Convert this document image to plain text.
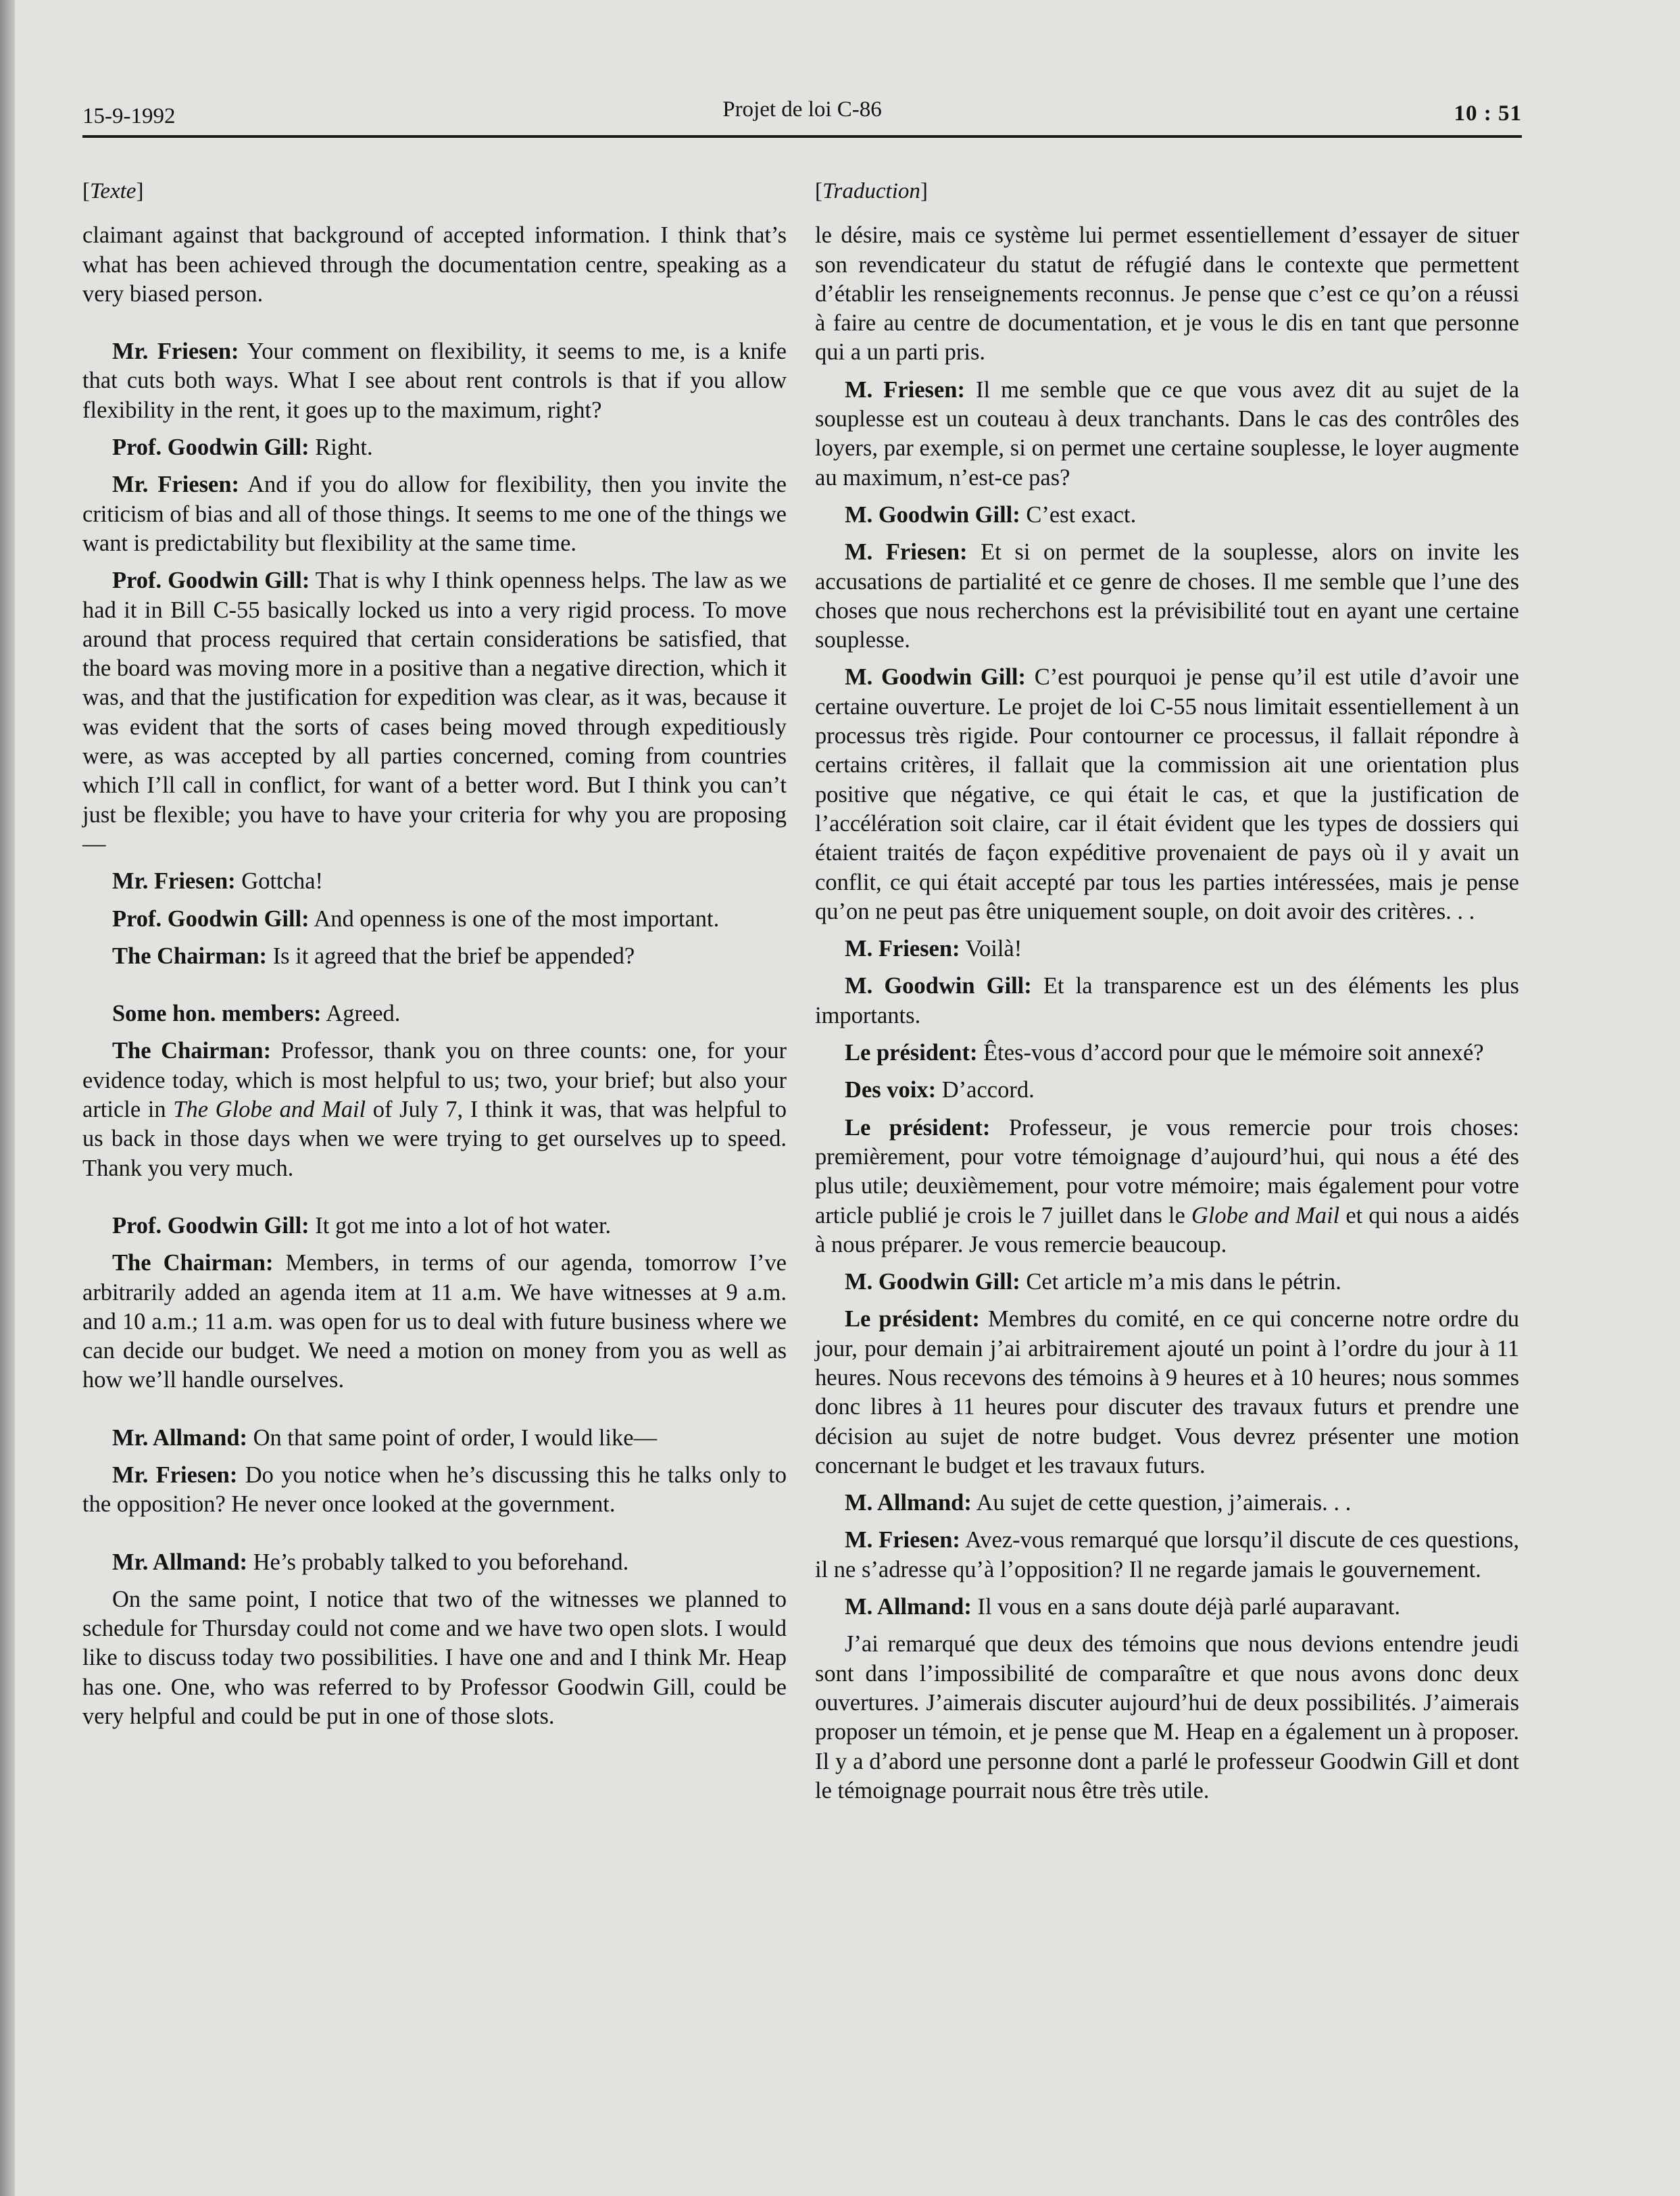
15-9-1992	Projet de loi C-86	10 : 51
[Texte]

claimant against that background of accepted information. I think that’s what has been achieved through the documentation centre, speaking as a very biased person.

Mr. Friesen: Your comment on flexibility, it seems to me, is a knife that cuts both ways. What I see about rent controls is that if you allow flexibility in the rent, it goes up to the maximum, right?

Prof. Goodwin Gill: Right.

Mr. Friesen: And if you do allow for flexibility, then you invite the criticism of bias and all of those things. It seems to me one of the things we want is predictability but flexibility at the same time.

Prof. Goodwin Gill: That is why I think openness helps. The law as we had it in Bill C-55 basically locked us into a very rigid process. To move around that process required that certain considerations be satisfied, that the board was moving more in a positive than a negative direction, which it was, and that the justification for expedition was clear, as it was, because it was evident that the sorts of cases being moved through expeditiously were, as was accepted by all parties concerned, coming from countries which I’ll call in conflict, for want of a better word. But I think you can’t just be flexible; you have to have your criteria for why you are proposing—

Mr. Friesen: Gottcha!

Prof. Goodwin Gill: And openness is one of the most important.

The Chairman: Is it agreed that the brief be appended?

Some hon. members: Agreed.

The Chairman: Professor, thank you on three counts: one, for your evidence today, which is most helpful to us; two, your brief; but also your article in The Globe and Mail of July 7, I think it was, that was helpful to us back in those days when we were trying to get ourselves up to speed. Thank you very much.

Prof. Goodwin Gill: It got me into a lot of hot water.

The Chairman: Members, in terms of our agenda, tomorrow I’ve arbitrarily added an agenda item at 11 a.m. We have witnesses at 9 a.m. and 10 a.m.; 11 a.m. was open for us to deal with future business where we can decide our budget. We need a motion on money from you as well as how we’ll handle ourselves.

Mr. Allmand: On that same point of order, I would like—

Mr. Friesen: Do you notice when he’s discussing this he talks only to the opposition? He never once looked at the government.

Mr. Allmand: He’s probably talked to you beforehand.

On the same point, I notice that two of the witnesses we planned to schedule for Thursday could not come and we have two open slots. I would like to discuss today two possibilities. I have one and and I think Mr. Heap has one. One, who was referred to by Professor Goodwin Gill, could be very helpful and could be put in one of those slots.

[Traduction]

le désire, mais ce système lui permet essentiellement d’essayer de situer son revendicateur du statut de réfugié dans le contexte que permettent d’établir les renseignements reconnus. Je pense que c’est ce qu’on a réussi à faire au centre de documentation, et je vous le dis en tant que personne qui a un parti pris.

M. Friesen: Il me semble que ce que vous avez dit au sujet de la souplesse est un couteau à deux tranchants. Dans le cas des contrôles des loyers, par exemple, si on permet une certaine souplesse, le loyer augmente au maximum, n’est-ce pas?

M. Goodwin Gill: C’est exact.

M. Friesen: Et si on permet de la souplesse, alors on invite les accusations de partialité et ce genre de choses. Il me semble que l’une des choses que nous recherchons est la prévisibilité tout en ayant une certaine souplesse.

M. Goodwin Gill: C’est pourquoi je pense qu’il est utile d’avoir une certaine ouverture. Le projet de loi C-55 nous limitait essentiellement à un processus très rigide. Pour contourner ce processus, il fallait répondre à certains critères, il fallait que la commission ait une orientation plus positive que négative, ce qui était le cas, et que la justification de l’accélération soit claire, car il était évident que les types de dossiers qui étaient traités de façon expéditive provenaient de pays où il y avait un conflit, ce qui était accepté par tous les parties intéressées, mais je pense qu’on ne peut pas être uniquement souple, on doit avoir des critères. . .

M. Friesen: Voilà!

M. Goodwin Gill: Et la transparence est un des éléments les plus importants.

Le président: Êtes-vous d’accord pour que le mémoire soit annexé?

Des voix: D’accord.

Le président: Professeur, je vous remercie pour trois choses: premièrement, pour votre témoignage d’aujourd’hui, qui nous a été des plus utile; deuxièmement, pour votre mémoire; mais également pour votre article publié je crois le 7 juillet dans le Globe and Mail et qui nous a aidés à nous préparer. Je vous remercie beaucoup.

M. Goodwin Gill: Cet article m’a mis dans le pétrin.

Le président: Membres du comité, en ce qui concerne notre ordre du jour, pour demain j’ai arbitrairement ajouté un point à l’ordre du jour à 11 heures. Nous recevons des témoins à 9 heures et à 10 heures; nous sommes donc libres à 11 heures pour discuter des travaux futurs et prendre une décision au sujet de notre budget. Vous devrez présenter une motion concernant le budget et les travaux futurs.

M. Allmand: Au sujet de cette question, j’aimerais. . .

M. Friesen: Avez-vous remarqué que lorsqu’il discute de ces questions, il ne s’adresse qu’à l’opposition? Il ne regarde jamais le gouvernement.

M. Allmand: Il vous en a sans doute déjà parlé auparavant.

J’ai remarqué que deux des témoins que nous devions entendre jeudi sont dans l’impossibilité de comparaître et que nous avons donc deux ouvertures. J’aimerais discuter aujourd’hui de deux possibilités. J’aimerais proposer un témoin, et je pense que M. Heap en a également un à proposer. Il y a d’abord une personne dont a parlé le professeur Goodwin Gill et dont le témoignage pourrait nous être très utile.
